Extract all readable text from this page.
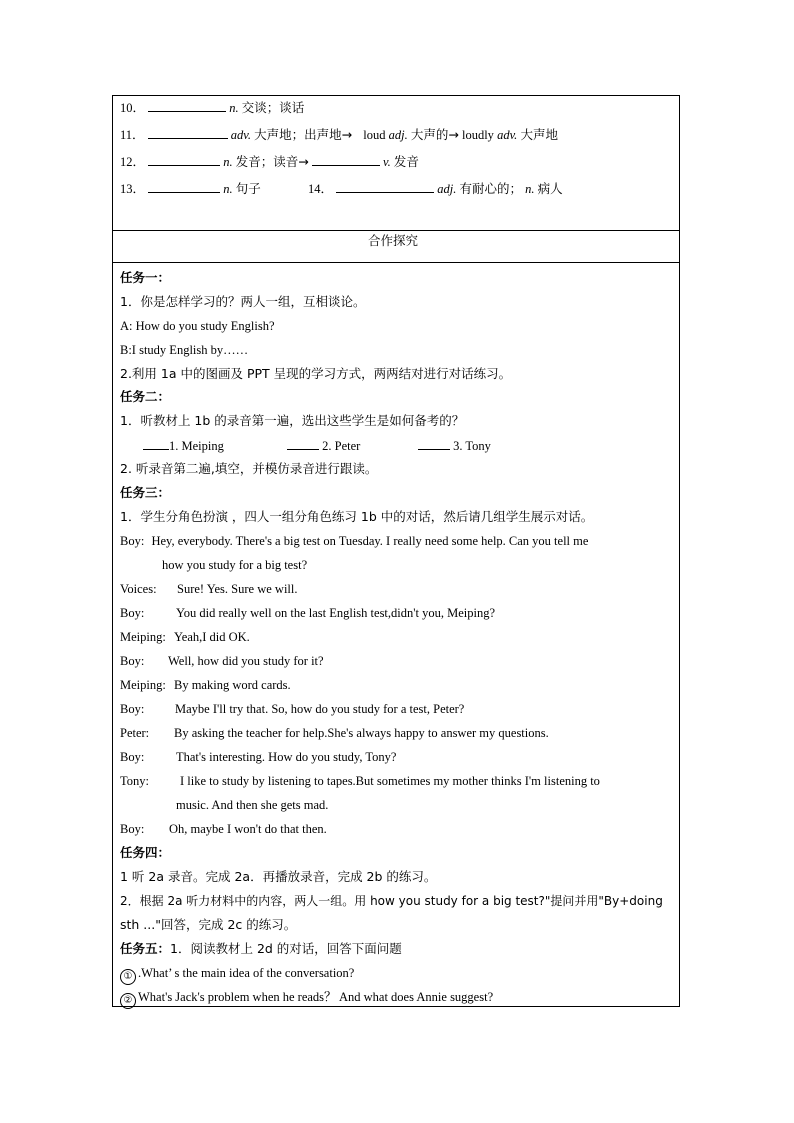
10．	n. 交谈；谈话
11．	adv. 大声地；出声地→ loud adj. 大声的→ loudly adv. 大声地
12．	n. 发音；读音→	v. 发音
13．	n. 句子	14．	adj. 有耐心的； n. 病人
合作探究
任务一：
1．你是怎样学习的？两人一组，互相谈论。
A: How do you study English?
B:I study English by……
2.利用 1a 中的图画及 PPT 呈现的学习方式，两两结对进行对话练习。
任务二：
1．听教材上 1b 的录音第一遍，选出这些学生是如何备考的？
1. Meiping	2. Peter	3. Tony
2. 听录音第二遍,填空，并模仿录音进行跟读。
任务三：
1．学生分角色扮演 ，四人一组分角色练习 1b 中的对话，然后请几组学生展示对话。
Boy: Hey, everybody. There's a big test on Tuesday. I really need some help. Can you tell me
how you study for a big test?
Voices: Sure! Yes. Sure we will.
Boy:	You did really well on the last English test,didn't you, Meiping?
Meiping: Yeah,I did OK.
Boy: Well, how did you study for it?
Meiping: By making word cards.
Boy: Maybe I'll try that. So, how do you study for a test, Peter?
Peter: By asking the teacher for help.She's always happy to answer my questions.
Boy:	That's interesting. How do you study, Tony?
Tony: I like to study by listening to tapes.But sometimes my mother thinks I'm listening to
music. And then she gets mad.
Boy: Oh, maybe I won't do that then.
任务四：
1 听 2a 录音。完成 2a．再播放录音，完成 2b 的练习。
2．根据 2a 听力材料中的内容，两人一组。用 how you study for a big test?"提问并用"By+doing
sth ..."回答，完成 2c 的练习。
任务五：1．阅读教材上 2d 的对话，回答下面问题
① .What’ s the main idea of the conversation?
② What's Jack's problem when he reads？ And what does Annie suggest?
